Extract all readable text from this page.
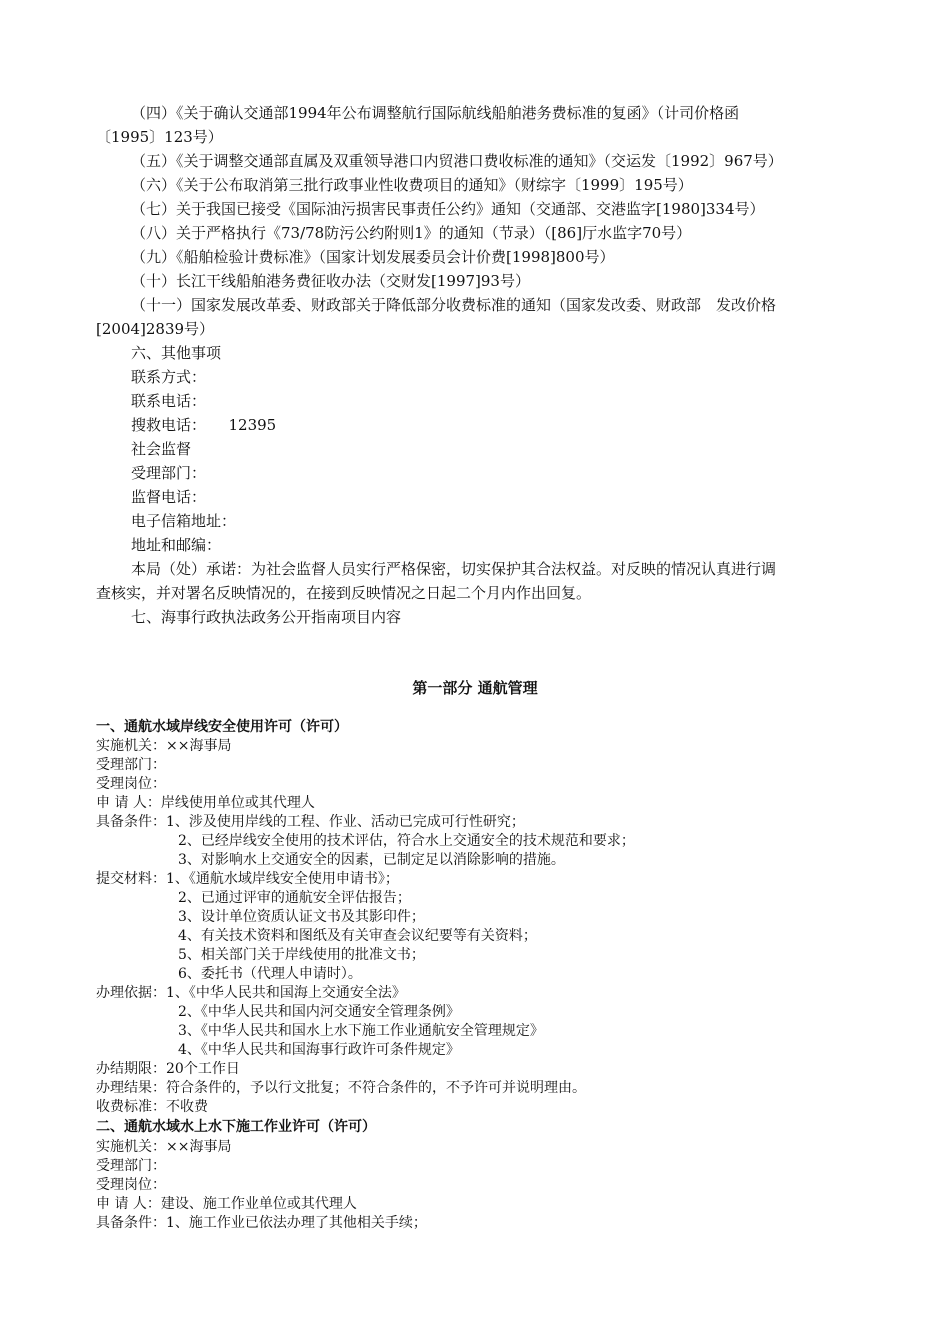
（四）《关于确认交通部1994年公布调整航行国际航线船舶港务费标准的复函》（计司价格函
〔1995〕123号）
（五）《关于调整交通部直属及双重领导港口内贸港口费收标准的通知》（交运发〔1992〕967号）
（六）《关于公布取消第三批行政事业性收费项目的通知》（财综字〔1999〕195号）
（七）关于我国已接受《国际油污损害民事责任公约》通知（交通部、交港监字[1980]334号）
（八）关于严格执行《73/78防污公约附则1》的通知（节录）（[86]厅水监字70号）
（九）《船舶检验计费标准》（国家计划发展委员会计价费[1998]800号）
（十）长江干线船舶港务费征收办法（交财发[1997]93号）
（十一）国家发展改革委、财政部关于降低部分收费标准的通知（国家发改委、财政部　发改价格
[2004]2839号）
六、其他事项
联系方式：
联系电话：
搜救电话：　　12395
社会监督
受理部门：
监督电话：
电子信箱地址：
地址和邮编：
本局（处）承诺：为社会监督人员实行严格保密，切实保护其合法权益。对反映的情况认真进行调
查核实，并对署名反映情况的，在接到反映情况之日起二个月内作出回复。
七、海事行政执法政务公开指南项目内容
第一部分 通航管理
一、通航水域岸线安全使用许可（许可）
实施机关：××海事局
受理部门：
受理岗位：
申 请 人：岸线使用单位或其代理人
具备条件：1、涉及使用岸线的工程、作业、活动已完成可行性研究；
2、已经岸线安全使用的技术评估，符合水上交通安全的技术规范和要求；
3、对影响水上交通安全的因素，已制定足以消除影响的措施。
提交材料：1、《通航水域岸线安全使用申请书》；
2、已通过评审的通航安全评估报告；
3、设计单位资质认证文书及其影印件；
4、有关技术资料和图纸及有关审查会议纪要等有关资料；
5、相关部门关于岸线使用的批准文书；
6、委托书（代理人申请时）。
办理依据：1、《中华人民共和国海上交通安全法》
2、《中华人民共和国内河交通安全管理条例》
3、《中华人民共和国水上水下施工作业通航安全管理规定》
4、《中华人民共和国海事行政许可条件规定》
办结期限：20个工作日
办理结果：符合条件的，予以行文批复；不符合条件的，不予许可并说明理由。
收费标准：不收费
二、通航水域水上水下施工作业许可（许可）
实施机关：××海事局
受理部门：
受理岗位：
申 请 人：建设、施工作业单位或其代理人
具备条件：1、施工作业已依法办理了其他相关手续；
